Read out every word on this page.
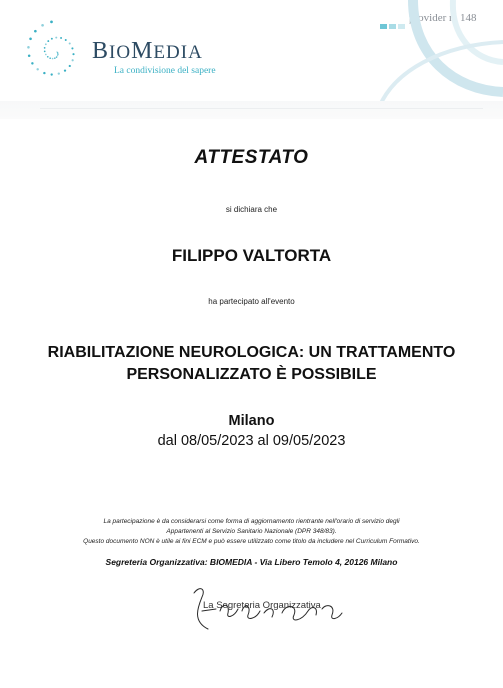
BIOMEDIA
La condivisione del sapere
provider n. 148
ATTESTATO
si dichiara che
FILIPPO VALTORTA
ha partecipato all'evento
RIABILITAZIONE NEUROLOGICA: UN TRATTAMENTO
PERSONALIZZATO È POSSIBILE
Milano
dal 08/05/2023 al 09/05/2023
La partecipazione è da considerarsi come forma di aggiornamento rientrante nell'orario di servizio degli
Appartenenti al Servizio Sanitario Nazionale (DPR 348/83).
Questo documento NON è utile ai fini ECM e può essere utilizzato come titolo da includere nel Curriculum Formativo.
Segreteria Organizzativa: BIOMEDIA - Via Libero Temolo 4, 20126 Milano
La Segreteria Organizzativa
